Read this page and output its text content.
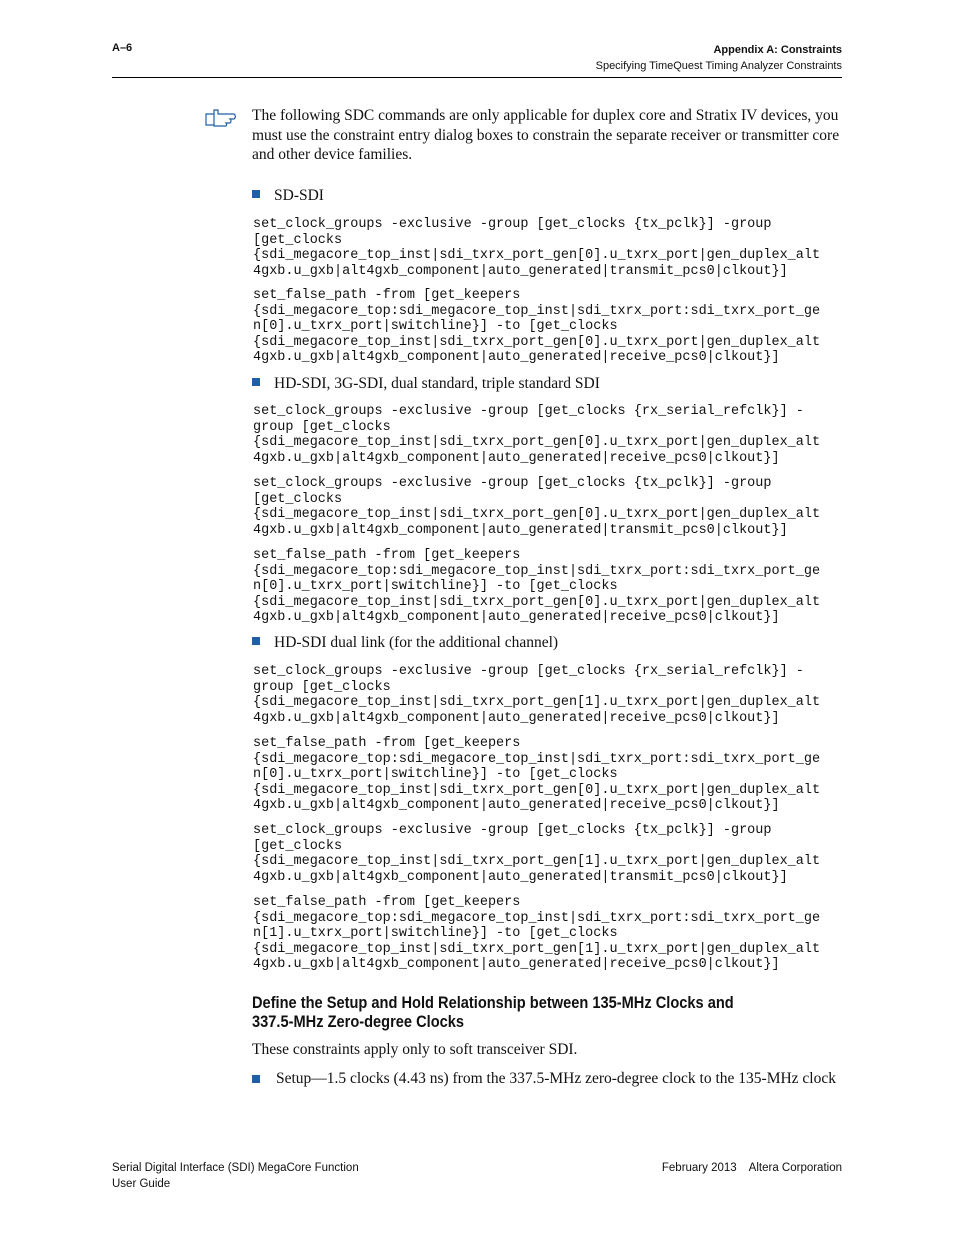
A–6	Appendix A: Constraints
Specifying TimeQuest Timing Analyzer Constraints
The following SDC commands are only applicable for duplex core and Stratix IV devices, you must use the constraint entry dialog boxes to constrain the separate receiver or transmitter core and other device families.
SD-SDI
set_clock_groups -exclusive -group [get_clocks {tx_pclk}] -group
[get_clocks
{sdi_megacore_top_inst|sdi_txrx_port_gen[0].u_txrx_port|gen_duplex_alt
4gxb.u_gxb|alt4gxb_component|auto_generated|transmit_pcs0|clkout}]
set_false_path -from [get_keepers
{sdi_megacore_top:sdi_megacore_top_inst|sdi_txrx_port:sdi_txrx_port_ge
n[0].u_txrx_port|switchline}] -to [get_clocks
{sdi_megacore_top_inst|sdi_txrx_port_gen[0].u_txrx_port|gen_duplex_alt
4gxb.u_gxb|alt4gxb_component|auto_generated|receive_pcs0|clkout}]
HD-SDI, 3G-SDI, dual standard, triple standard SDI
set_clock_groups -exclusive -group [get_clocks {rx_serial_refclk}] -
group [get_clocks
{sdi_megacore_top_inst|sdi_txrx_port_gen[0].u_txrx_port|gen_duplex_alt
4gxb.u_gxb|alt4gxb_component|auto_generated|receive_pcs0|clkout}]
set_clock_groups -exclusive -group [get_clocks {tx_pclk}] -group
[get_clocks
{sdi_megacore_top_inst|sdi_txrx_port_gen[0].u_txrx_port|gen_duplex_alt
4gxb.u_gxb|alt4gxb_component|auto_generated|transmit_pcs0|clkout}]
set_false_path -from [get_keepers
{sdi_megacore_top:sdi_megacore_top_inst|sdi_txrx_port:sdi_txrx_port_ge
n[0].u_txrx_port|switchline}] -to [get_clocks
{sdi_megacore_top_inst|sdi_txrx_port_gen[0].u_txrx_port|gen_duplex_alt
4gxb.u_gxb|alt4gxb_component|auto_generated|receive_pcs0|clkout}]
HD-SDI dual link (for the additional channel)
set_clock_groups -exclusive -group [get_clocks {rx_serial_refclk}] -
group [get_clocks
{sdi_megacore_top_inst|sdi_txrx_port_gen[1].u_txrx_port|gen_duplex_alt
4gxb.u_gxb|alt4gxb_component|auto_generated|receive_pcs0|clkout}]
set_false_path -from [get_keepers
{sdi_megacore_top:sdi_megacore_top_inst|sdi_txrx_port:sdi_txrx_port_ge
n[0].u_txrx_port|switchline}] -to [get_clocks
{sdi_megacore_top_inst|sdi_txrx_port_gen[0].u_txrx_port|gen_duplex_alt
4gxb.u_gxb|alt4gxb_component|auto_generated|receive_pcs0|clkout}]
set_clock_groups -exclusive -group [get_clocks {tx_pclk}] -group
[get_clocks
{sdi_megacore_top_inst|sdi_txrx_port_gen[1].u_txrx_port|gen_duplex_alt
4gxb.u_gxb|alt4gxb_component|auto_generated|transmit_pcs0|clkout}]
set_false_path -from [get_keepers
{sdi_megacore_top:sdi_megacore_top_inst|sdi_txrx_port:sdi_txrx_port_ge
n[1].u_txrx_port|switchline}] -to [get_clocks
{sdi_megacore_top_inst|sdi_txrx_port_gen[1].u_txrx_port|gen_duplex_alt
4gxb.u_gxb|alt4gxb_component|auto_generated|receive_pcs0|clkout}]
Define the Setup and Hold Relationship between 135-MHz Clocks and
337.5-MHz Zero-degree Clocks
These constraints apply only to soft transceiver SDI.
Setup—1.5 clocks (4.43 ns) from the 337.5-MHz zero-degree clock to the 135-MHz clock
Serial Digital Interface (SDI) MegaCore Function
User Guide
February 2013 Altera Corporation
